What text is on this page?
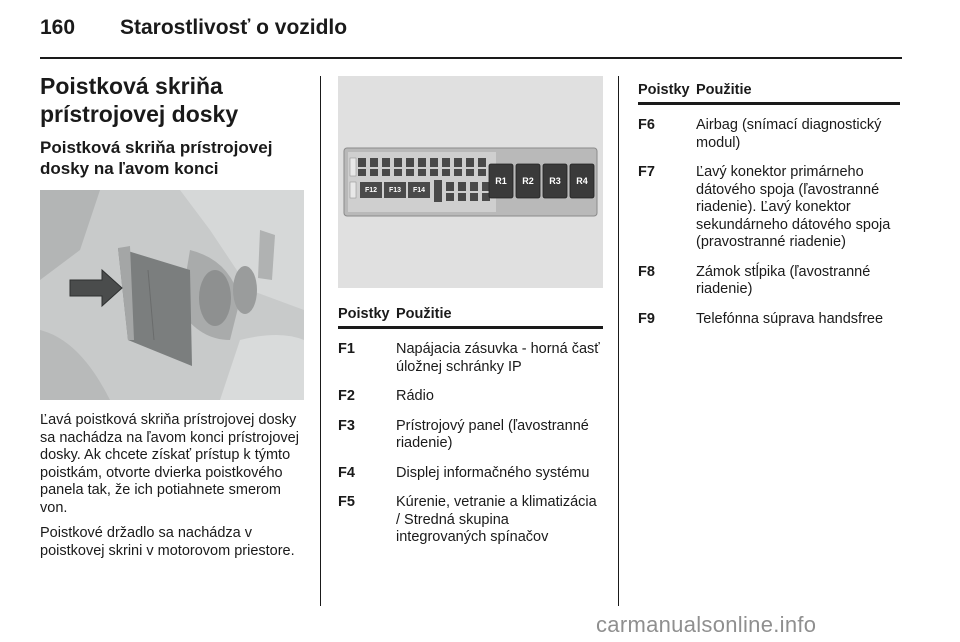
160 Starostlivosť o vozidlo
Poistková skriňa prístrojovej dosky
Poistková skriňa prístrojovej dosky na ľavom konci

Ľavá poistková skriňa prístrojovej dosky sa nachádza na ľavom konci prístrojovej dosky. Ak chcete získať prístup k týmto poistkám, otvorte dvierka poistkového panela tak, že ich potiahnete smerom von.

Poistkové držadlo sa nachádza v poistkovej skrini v motorovom priestore.

F12 F13 F14
R1 R2 R3 R4
Poistky Použitie
F1	Napájacia zásuvka - horná časť úložnej schránky IP
F2	Rádio
F3	Prístrojový panel (ľavostranné riadenie)
F4	Displej informačného systému
F5	Kúrenie, vetranie a klimatizácia / Stredná skupina integrovaných spínačov
Poistky Použitie
F6	Airbag (snímací diagnostický modul)
F7	Ľavý konektor primárneho dátového spoja (ľavostranné riadenie). Ľavý konektor sekundárneho dátového spoja (pravostranné riadenie)
F8	Zámok stĺpika (ľavostranné riadenie)
F9	Telefónna súprava handsfree
carmanualsonline.info
